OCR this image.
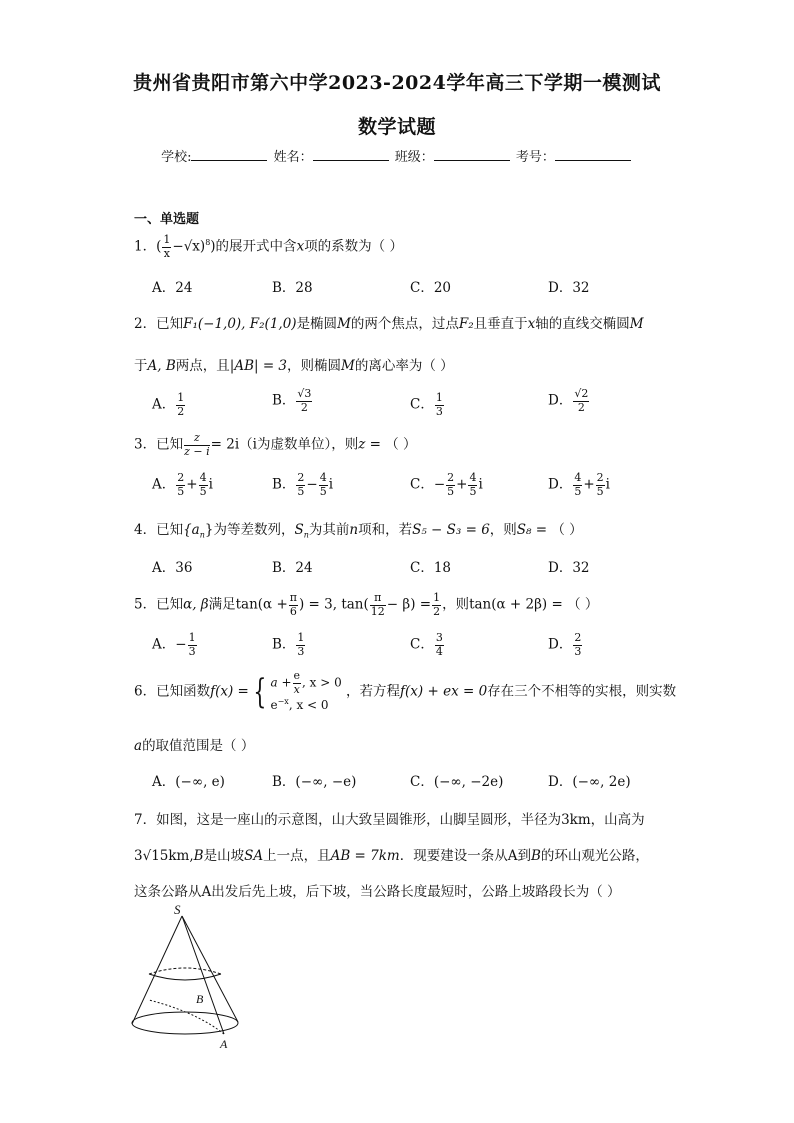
贵州省贵阳市第六中学2023-2024学年高三下学期一模测试
数学试题
学校:	姓名：	班级：	考号：
一、单选题
1．( $\frac{1}{x} -√x)^8$)的展开式中含x项的系数为（ ）
A．24	B．28	C．20	D．32
2．已知F₁(−1,0), F₂(1,0)是椭圆M的两个焦点，过点F₂且垂直于x轴的直线交椭圆M
于A, B两点，且|AB| = 3，则椭圆M的离心率为（ ）
A． $\frac{1}{2}$	B． $\frac{√3}{2}$	C． $\frac{1}{3}$	D． $\frac{√2}{2}$
3．已知 $\frac{z}{z - i}= 2i(i$为虚数单位），则z = （ ）
A． $\frac{2}{5} + \frac{4}{5}$ i	B． $\frac{2}{5} - \frac{4}{5}$ i	C．− $\frac{2}{5} + \frac{4}{5}$ i	D． $\frac{4}{5} + \frac{2}{5}$ i
4．已知$\{a_n\}$为等差数列，$S_n$为其前n项和，若S₅ − S₃ = 6，则S₈ = （ ）
A．36	B．24	C．18	D．32
5．已知α, β满足$\tan(\alpha + \frac{\pi}{6}$ ) = 3, $\tan( \frac{\pi}{12} - \beta) = \frac{1}{2}$ ，则tan(α + 2β) = （ ）
A．− $\frac{1}{3}$	B． $\frac{1}{3}$	C． $\frac{3}{4}$	D． $\frac{2}{3}$
6．已知函数f(x) = { $a + \frac{e}{x}$, x > 0
$e^{-x}$, x < 0
，若方程f(x) + ex = 0存在三个不相等的实根，则实数
a的取值范围是（ ）
A．(−∞, e)	B．(−∞, −e)	C．(−∞, −2e)	D．(−∞, 2e)
7．如图，这是一座山的示意图，山大致呈圆锥形，山脚呈圆形，半径为3km，山高为
3√15km,B是山坡SA上一点，且AB = 7km．现要建设一条从A到B的环山观光公路，
这条公路从A出发后先上坡，后下坡，当公路长度最短时，公路上坡路段长为（ ）
S
B
A
